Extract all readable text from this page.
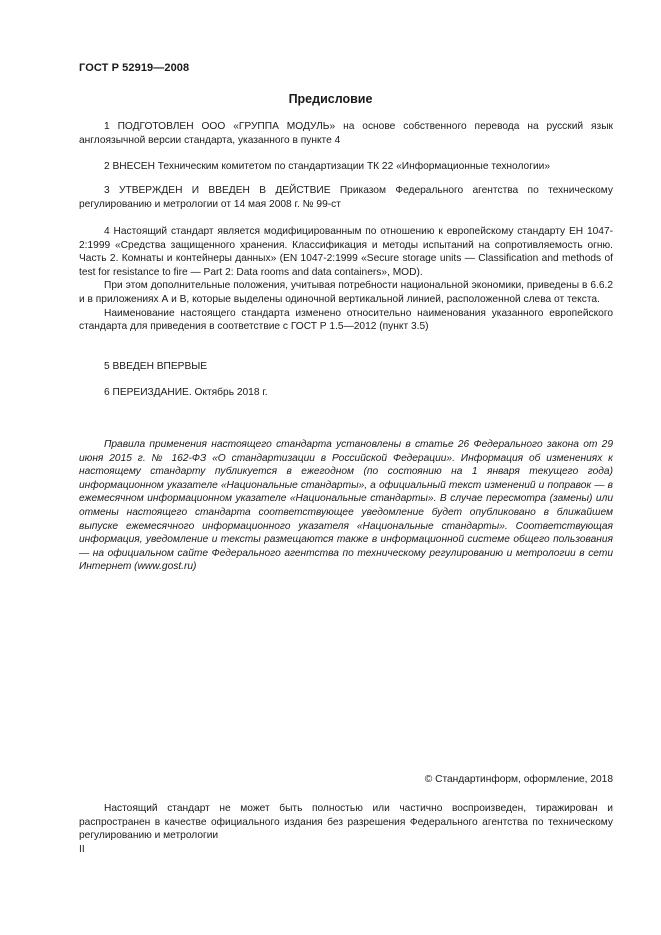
ГОСТ Р 52919—2008
Предисловие

1 ПОДГОТОВЛЕН ООО «ГРУППА МОДУЛЬ» на основе собственного перевода на русский язык англоязычной версии стандарта, указанного в пункте 4

2 ВНЕСЕН Техническим комитетом по стандартизации ТК 22 «Информационные технологии»

3 УТВЕРЖДЕН И ВВЕДЕН В ДЕЙСТВИЕ Приказом Федерального агентства по техническому регулированию и метрологии от 14 мая 2008 г. № 99-ст

4 Настоящий стандарт является модифицированным по отношению к европейскому стандарту ЕН 1047-2:1999 «Средства защищенного хранения. Классификация и методы испытаний на сопротивляемость огню. Часть 2. Комнаты и контейнеры данных» (EN 1047-2:1999 «Secure storage units — Classification and methods of test for resistance to fire — Part 2: Data rooms and data containers», MOD).

При этом дополнительные положения, учитывая потребности национальной экономики, приведены в 6.6.2 и в приложениях А и В, которые выделены одиночной вертикальной линией, расположенной слева от текста.

Наименование настоящего стандарта изменено относительно наименования указанного европейского стандарта для приведения в соответствие с ГОСТ Р 1.5—2012 (пункт 3.5)

5 ВВЕДЕН ВПЕРВЫЕ

6 ПЕРЕИЗДАНИЕ. Октябрь 2018 г.

Правила применения настоящего стандарта установлены в статье 26 Федерального закона от 29 июня 2015 г. № 162-ФЗ «О стандартизации в Российской Федерации». Информация об изменениях к настоящему стандарту публикуется в ежегодном (по состоянию на 1 января текущего года) информационном указателе «Национальные стандарты», а официальный текст изменений и поправок — в ежемесячном информационном указателе «Национальные стандарты». В случае пересмотра (замены) или отмены настоящего стандарта соответствующее уведомление будет опубликовано в ближайшем выпуске ежемесячного информационного указателя «Национальные стандарты». Соответствующая информация, уведомление и тексты размещаются также в информационной системе общего пользования — на официальном сайте Федерального агентства по техническому регулированию и метрологии в сети Интернет (www.gost.ru)

© Стандартинформ, оформление, 2018

Настоящий стандарт не может быть полностью или частично воспроизведен, тиражирован и распространен в качестве официального издания без разрешения Федерального агентства по техническому регулированию и метрологии

II
